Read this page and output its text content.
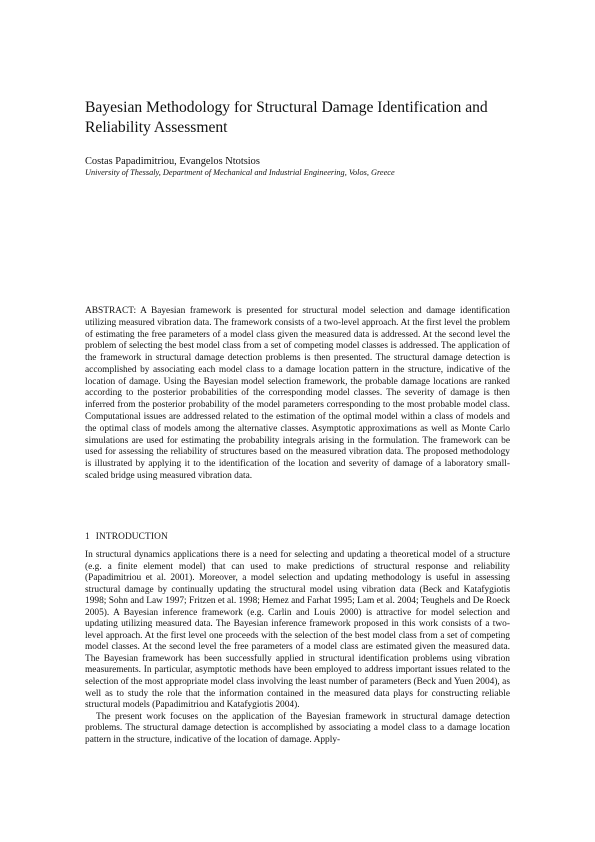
Bayesian Methodology for Structural Damage Identification and Reliability Assessment

Costas Papadimitriou, Evangelos Ntotsios

University of Thessaly, Department of Mechanical and Industrial Engineering, Volos, Greece

ABSTRACT: A Bayesian framework is presented for structural model selection and damage identification utilizing measured vibration data. The framework consists of a two-level approach. At the first level the problem of estimating the free parameters of a model class given the measured data is addressed. At the second level the problem of selecting the best model class from a set of competing model classes is addressed. The application of the framework in structural damage detection problems is then presented. The structural damage detection is accomplished by associating each model class to a damage location pattern in the structure, indicative of the location of damage. Using the Bayesian model selection framework, the probable damage locations are ranked according to the posterior probabilities of the corresponding model classes. The severity of damage is then inferred from the posterior probability of the model parameters corresponding to the most probable model class. Computational issues are addressed related to the estimation of the optimal model within a class of models and the optimal class of models among the alternative classes. Asymptotic approximations as well as Monte Carlo simulations are used for estimating the probability integrals arising in the formulation. The framework can be used for assessing the reliability of structures based on the measured vibration data. The proposed methodology is illustrated by applying it to the identification of the location and severity of damage of a laboratory small-scaled bridge using measured vibration data.

1 INTRODUCTION

In structural dynamics applications there is a need for selecting and updating a theoretical model of a structure (e.g. a finite element model) that can used to make predictions of structural response and reliability (Papadimitriou et al. 2001). Moreover, a model selection and updating methodology is useful in assessing structural damage by continually updating the structural model using vibration data (Beck and Katafygiotis 1998; Sohn and Law 1997; Fritzen et al. 1998; Hemez and Farhat 1995; Lam et al. 2004; Teughels and De Roeck 2005). A Bayesian inference framework (e.g. Carlin and Louis 2000) is attractive for model selection and updating utilizing measured data. The Bayesian inference framework proposed in this work consists of a two-level approach. At the first level one proceeds with the selection of the best model class from a set of competing model classes. At the second level the free parameters of a model class are estimated given the measured data. The Bayesian framework has been successfully applied in structural identification problems using vibration measurements. In particular, asymptotic methods have been employed to address important issues related to the selection of the most appropriate model class involving the least number of parameters (Beck and Yuen 2004), as well as to study the role that the information contained in the measured data plays for constructing reliable structural models (Papadimitriou and Katafygiotis 2004).

The present work focuses on the application of the Bayesian framework in structural damage detection problems. The structural damage detection is accomplished by associating a model class to a damage location pattern in the structure, indicative of the location of damage. Apply-
